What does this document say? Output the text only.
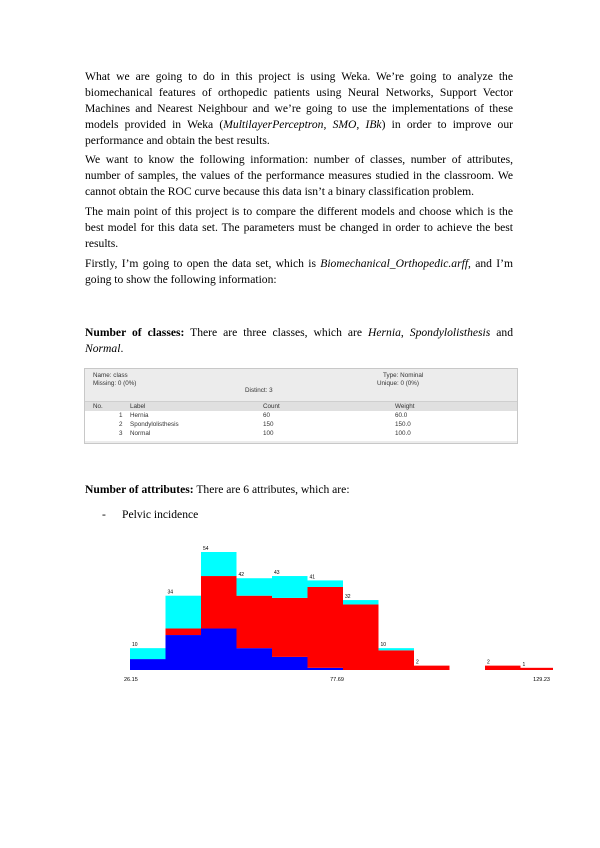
What we are going to do in this project is using Weka. We’re going to analyze the biomechanical features of orthopedic patients using Neural Networks, Support Vector Machines and Nearest Neighbour and we’re going to use the implementations of these models provided in Weka (MultilayerPerceptron, SMO, IBk) in order to improve our performance and obtain the best results.

We want to know the following information: number of classes, number of attributes, number of samples, the values of the performance measures studied in the classroom. We cannot obtain the ROC curve because this data isn’t a binary classification problem.

The main point of this project is to compare the different models and choose which is the best model for this data set. The parameters must be changed in order to achieve the best results.

Firstly, I’m going to open the data set, which is Biomechanical_Orthopedic.arff, and I’m going to show the following information:

Number of classes: There are three classes, which are Hernia, Spondylolisthesis and Normal.

Name: class
Missing: 0 (0%)
Distinct: 3
Type: Nominal
Unique: 0 (0%)
No.	Label	Count	Weight
1 Hernia	60	60.0
2 Spondylolisthesis	150	150.0
3 Normal	100	100.0

Number of attributes: There are 6 attributes, which are:

- Pelvic incidence
10
34
54
42	43
41
32
10
2	2	1
26.15	77.69	129.23
